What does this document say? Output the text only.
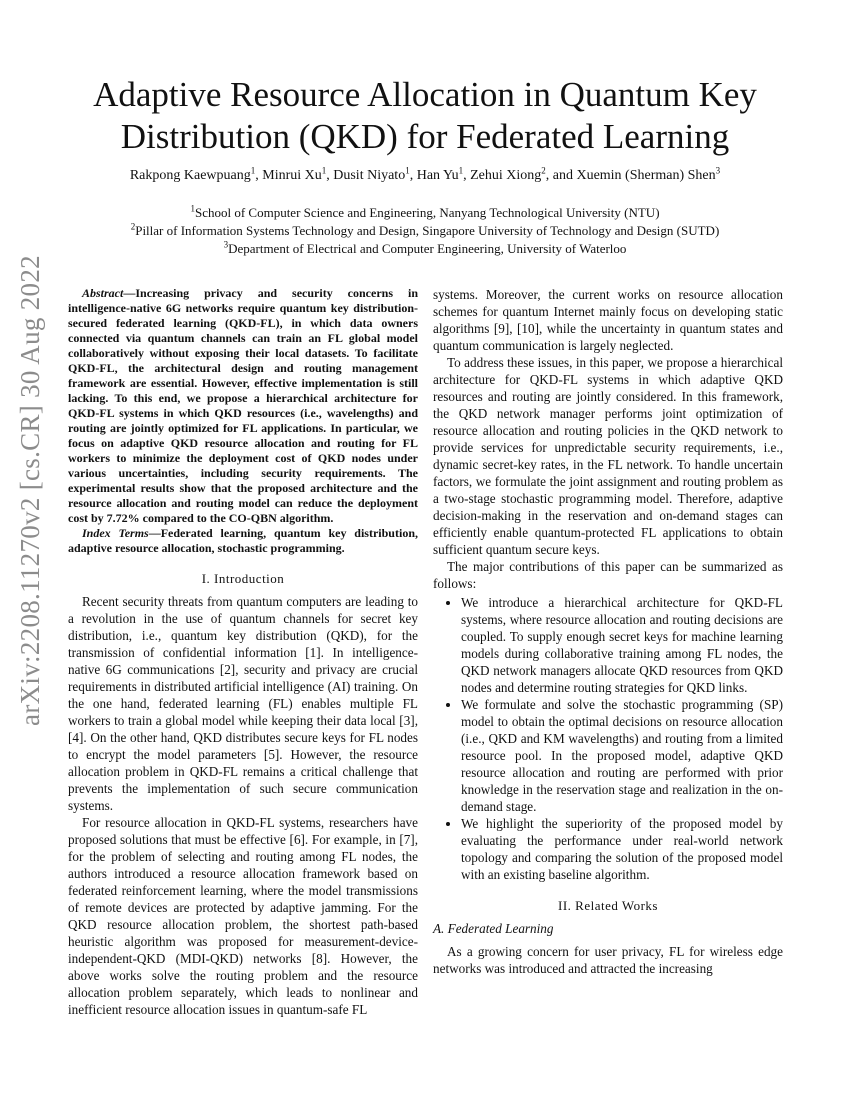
arXiv:2208.11270v2 [cs.CR] 30 Aug 2022
Adaptive Resource Allocation in Quantum Key
Distribution (QKD) for Federated Learning
Rakpong Kaewpuang$^1$, Minrui Xu$^1$, Dusit Niyato$^1$, Han Yu$^1$, Zehui Xiong$^2$, and Xuemin (Sherman) Shen$^3$
$^1$School of Computer Science and Engineering, Nanyang Technological University (NTU)
$^2$Pillar of Information Systems Technology and Design, Singapore University of Technology and Design (SUTD)
$^3$Department of Electrical and Computer Engineering, University of Waterloo

Abstract—Increasing privacy and security concerns in intelligence-native 6G networks require quantum key distribution-secured federated learning (QKD-FL), in which data owners connected via quantum channels can train an FL global model collaboratively without exposing their local datasets. To facilitate QKD-FL, the architectural design and routing management framework are essential. However, effective implementation is still lacking. To this end, we propose a hierarchical architecture for QKD-FL systems in which QKD resources (i.e., wavelengths) and routing are jointly optimized for FL applications. In particular, we focus on adaptive QKD resource allocation and routing for FL workers to minimize the deployment cost of QKD nodes under various uncertainties, including security requirements. The experimental results show that the proposed architecture and the resource allocation and routing model can reduce the deployment cost by 7.72% compared to the CO-QBN algorithm.

Index Terms—Federated learning, quantum key distribution, adaptive resource allocation, stochastic programming.

I. Introduction

Recent security threats from quantum computers are leading to a revolution in the use of quantum channels for secret key distribution, i.e., quantum key distribution (QKD), for the transmission of confidential information [1]. In intelligence-native 6G communications [2], security and privacy are crucial requirements in distributed artificial intelligence (AI) training. On the one hand, federated learning (FL) enables multiple FL workers to train a global model while keeping their data local [3], [4]. On the other hand, QKD distributes secure keys for FL nodes to encrypt the model parameters [5]. However, the resource allocation problem in QKD-FL remains a critical challenge that prevents the implementation of such secure communication systems.

For resource allocation in QKD-FL systems, researchers have proposed solutions that must be effective [6]. For example, in [7], for the problem of selecting and routing among FL nodes, the authors introduced a resource allocation framework based on federated reinforcement learning, where the model transmissions of remote devices are protected by adaptive jamming. For the QKD resource allocation problem, the shortest path-based heuristic algorithm was proposed for measurement-device-independent-QKD (MDI-QKD) networks [8]. However, the above works solve the routing problem and the resource allocation problem separately, which leads to nonlinear and inefficient resource allocation issues in quantum-safe FL

systems. Moreover, the current works on resource allocation schemes for quantum Internet mainly focus on developing static algorithms [9], [10], while the uncertainty in quantum states and quantum communication is largely neglected.

To address these issues, in this paper, we propose a hierarchical architecture for QKD-FL systems in which adaptive QKD resources and routing are jointly considered. In this framework, the QKD network manager performs joint optimization of resource allocation and routing policies in the QKD network to provide services for unpredictable security requirements, i.e., dynamic secret-key rates, in the FL network. To handle uncertain factors, we formulate the joint assignment and routing problem as a two-stage stochastic programming model. Therefore, adaptive decision-making in the reservation and on-demand stages can efficiently enable quantum-protected FL applications to obtain sufficient quantum secure keys.

The major contributions of this paper can be summarized as follows:

• We introduce a hierarchical architecture for QKD-FL systems, where resource allocation and routing decisions are coupled. To supply enough secret keys for machine learning models during collaborative training among FL nodes, the QKD network managers allocate QKD resources from QKD nodes and determine routing strategies for QKD links.
• We formulate and solve the stochastic programming (SP) model to obtain the optimal decisions on resource allocation (i.e., QKD and KM wavelengths) and routing from a limited resource pool. In the proposed model, adaptive QKD resource allocation and routing are performed with prior knowledge in the reservation stage and realization in the on-demand stage.
• We highlight the superiority of the proposed model by evaluating the performance under real-world network topology and comparing the solution of the proposed model with an existing baseline algorithm.
II. Related Works
A. Federated Learning

As a growing concern for user privacy, FL for wireless edge networks was introduced and attracted the increasing
